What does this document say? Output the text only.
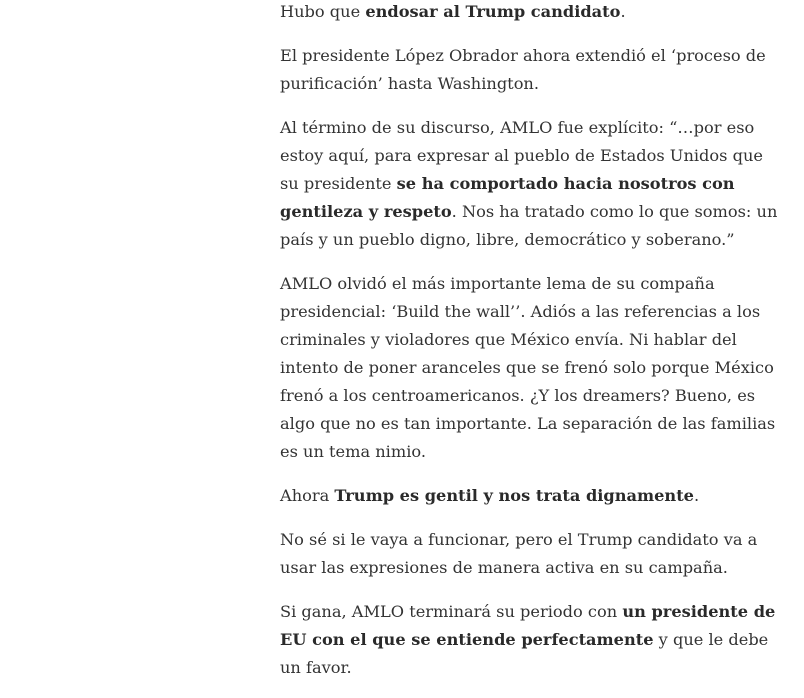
Hubo que endosar al Trump candidato.

El presidente López Obrador ahora extendió el ‘proceso de purificación’ hasta Washington.

Al término de su discurso, AMLO fue explícito: “…por eso estoy aquí, para expresar al pueblo de Estados Unidos que su presidente se ha comportado hacia nosotros con gentileza y respeto. Nos ha tratado como lo que somos: un país y un pueblo digno, libre, democrático y soberano.”

AMLO olvidó el más importante lema de su compaña presidencial: ‘Build the wall’’. Adiós a las referencias a los criminales y violadores que México envía. Ni hablar del intento de poner aranceles que se frenó solo porque México frenó a los centroamericanos. ¿Y los dreamers? Bueno, es algo que no es tan importante. La separación de las familias es un tema nimio.

Ahora Trump es gentil y nos trata dignamente.

No sé si le vaya a funcionar, pero el Trump candidato va a usar las expresiones de manera activa en su campaña.

Si gana, AMLO terminará su periodo con un presidente de EU con el que se entiende perfectamente y que le debe un favor.
